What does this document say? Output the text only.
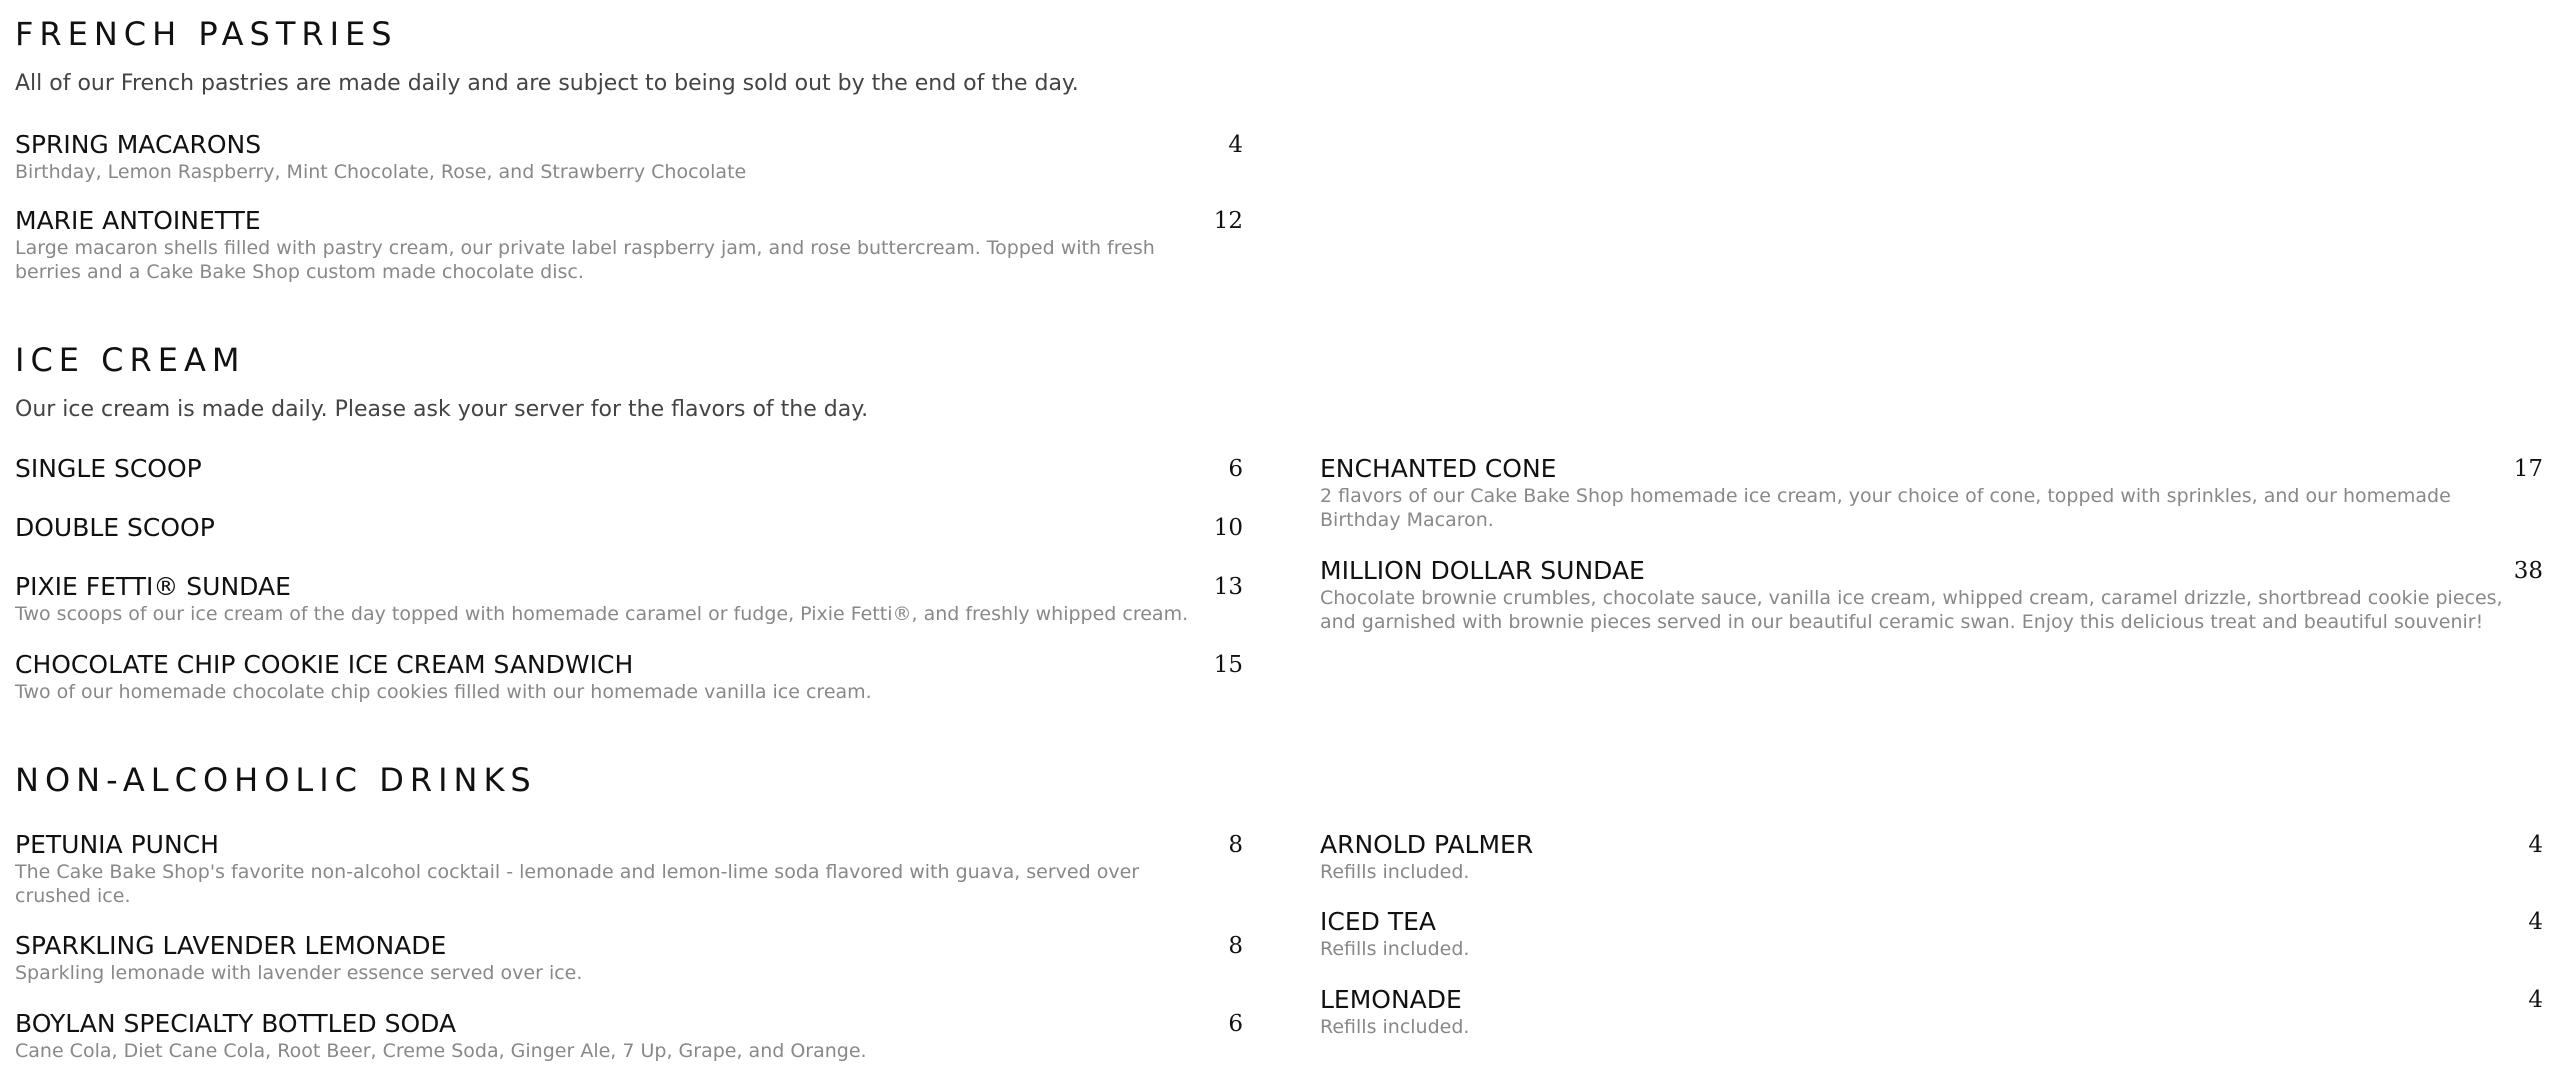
FRENCH PASTRIES

All of our French pastries are made daily and are subject to being sold out by the end of the day.

SPRING MACARONS	4
Birthday, Lemon Raspberry, Mint Chocolate, Rose, and Strawberry Chocolate
MARIE ANTOINETTE	12
Large macaron shells filled with pastry cream, our private label raspberry jam, and rose buttercream. Topped with fresh berries and a Cake Bake Shop custom made chocolate disc.
ICE CREAM

Our ice cream is made daily. Please ask your server for the flavors of the day.

SINGLE SCOOP	6
DOUBLE SCOOP	10
PIXIE FETTI® SUNDAE	13
Two scoops of our ice cream of the day topped with homemade caramel or fudge, Pixie Fetti®, and freshly whipped cream.
CHOCOLATE CHIP COOKIE ICE CREAM SANDWICH	15
Two of our homemade chocolate chip cookies filled with our homemade vanilla ice cream.
ENCHANTED CONE	17
2 flavors of our Cake Bake Shop homemade ice cream, your choice of cone, topped with sprinkles, and our homemade Birthday Macaron.
MILLION DOLLAR SUNDAE	38
Chocolate brownie crumbles, chocolate sauce, vanilla ice cream, whipped cream, caramel drizzle, shortbread cookie pieces, and garnished with brownie pieces served in our beautiful ceramic swan. Enjoy this delicious treat and beautiful souvenir!
NON-ALCOHOLIC DRINKS
PETUNIA PUNCH	8
The Cake Bake Shop's favorite non-alcohol cocktail - lemonade and lemon-lime soda flavored with guava, served over crushed ice.
SPARKLING LAVENDER LEMONADE	8
Sparkling lemonade with lavender essence served over ice.
BOYLAN SPECIALTY BOTTLED SODA	6
Cane Cola, Diet Cane Cola, Root Beer, Creme Soda, Ginger Ale, 7 Up, Grape, and Orange.
ARNOLD PALMER	4
Refills included.
ICED TEA	4
Refills included.
LEMONADE	4
Refills included.
